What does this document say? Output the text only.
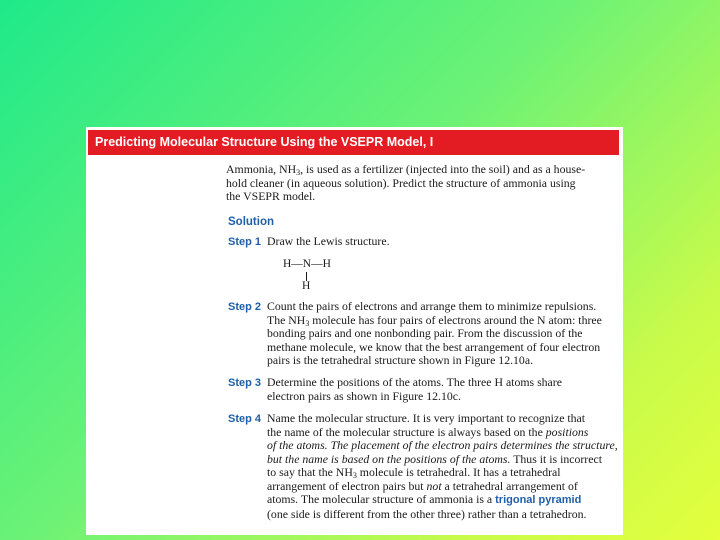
Predicting Molecular Structure Using the VSEPR Model, I

Ammonia, $NH_3$, is used as a fertilizer (injected into the soil) and as a house-

hold cleaner (in aqueous solution). Predict the structure of ammonia using

the VSEPR model.

Solution
Step 1 Draw the Lewis structure.

H—N—H
H
Step 2 Count the pairs of electrons and arrange them to minimize repulsions.

The $NH_3$ molecule has four pairs of electrons around the N atom: three

bonding pairs and one nonbonding pair. From the discussion of the

methane molecule, we know that the best arrangement of four electron

pairs is the tetrahedral structure shown in Figure 12.10a.

Step 3 Determine the positions of the atoms. The three H atoms share

electron pairs as shown in Figure 12.10c.

Step 4 Name the molecular structure. It is very important to recognize that

the name of the molecular structure is always based on the positions

of the atoms. The placement of the electron pairs determines the structure,

but the name is based on the positions of the atoms. Thus it is incorrect

to say that the $NH_3$ molecule is tetrahedral. It has a tetrahedral

arrangement of electron pairs but not a tetrahedral arrangement of

atoms. The molecular structure of ammonia is a trigonal pyramid

(one side is different from the other three) rather than a tetrahedron.
